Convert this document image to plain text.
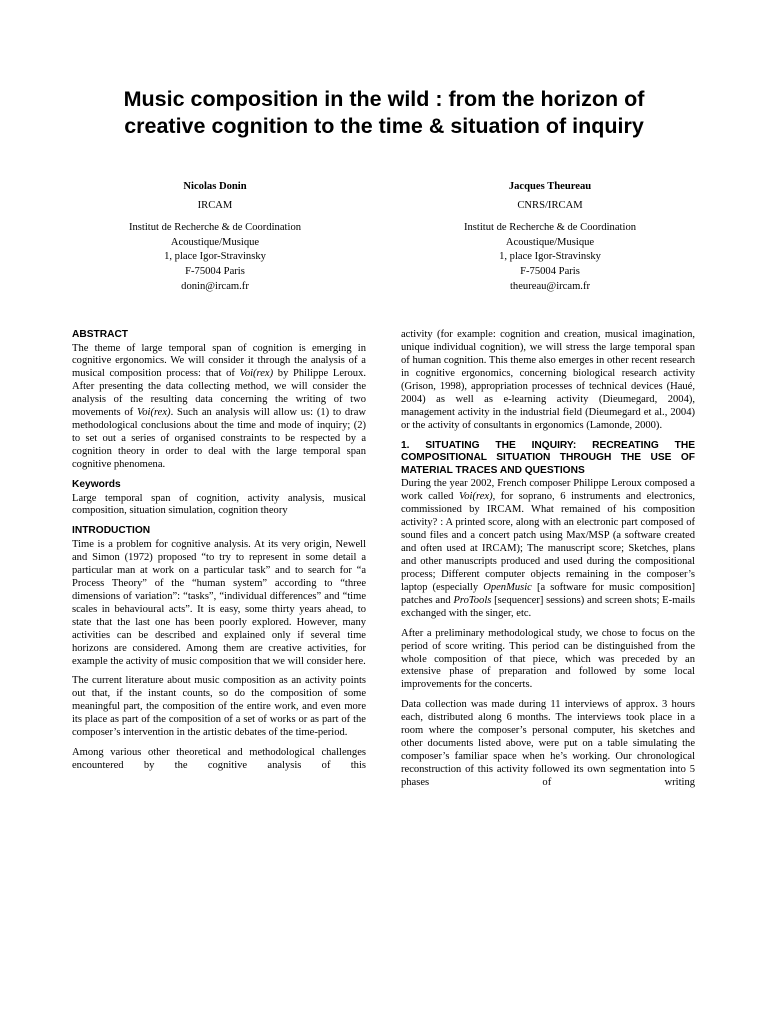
Music composition in the wild : from the horizon of
creative cognition to the time & situation of inquiry
Nicolas Donin
IRCAM
Institut de Recherche & de Coordination
Acoustique/Musique
1, place Igor-Stravinsky
F-75004 Paris
donin@ircam.fr
Jacques Theureau
CNRS/IRCAM
Institut de Recherche & de Coordination
Acoustique/Musique
1, place Igor-Stravinsky
F-75004 Paris
theureau@ircam.fr
ABSTRACT

The theme of large temporal span of cognition is emerging in cognitive ergonomics. We will consider it through the analysis of a musical composition process: that of Voi(rex) by Philippe Leroux. After presenting the data collecting method, we will consider the analysis of the resulting data concerning the writing of two movements of Voi(rex). Such an analysis will allow us: (1) to draw methodological conclusions about the time and mode of inquiry; (2) to set out a series of organised constraints to be respected by a cognition theory in order to deal with the large temporal span cognitive phenomena.

Keywords

Large temporal span of cognition, activity analysis, musical composition, situation simulation, cognition theory

INTRODUCTION

Time is a problem for cognitive analysis. At its very origin, Newell and Simon (1972) proposed “to try to represent in some detail a particular man at work on a particular task” and to search for “a Process Theory” of the “human system” according to “three dimensions of variation”: “tasks”, “individual differences” and “time scales in behavioural acts”. It is easy, some thirty years ahead, to state that the last one has been poorly explored. However, many activities can be described and explained only if several time horizons are considered. Among them are creative activities, for example the activity of music composition that we will consider here.

The current literature about music composition as an activity points out that, if the instant counts, so do the composition of some meaningful part, the composition of the entire work, and even more its place as part of the composition of a set of works or as part of the composer’s intervention in the artistic debates of the time-period.

Among various other theoretical and methodological challenges encountered by the cognitive analysis of this

activity (for example: cognition and creation, musical imagination, unique individual cognition), we will stress the large temporal span of human cognition. This theme also emerges in other recent research in cognitive ergonomics, concerning biological research activity (Grison, 1998), appropriation processes of technical devices (Haué, 2004) as well as e-learning activity (Dieumegard, 2004), management activity in the industrial field (Dieumegard et al., 2004) or the activity of consultants in ergonomics (Lamonde, 2000).

1. SITUATING THE INQUIRY: RECREATING THE COMPOSITIONAL SITUATION THROUGH THE USE OF MATERIAL TRACES AND QUESTIONS

During the year 2002, French composer Philippe Leroux composed a work called Voi(rex), for soprano, 6 instruments and electronics, commissioned by IRCAM. What remained of his composition activity? : A printed score, along with an electronic part composed of sound files and a concert patch using Max/MSP (a software created and often used at IRCAM); The manuscript score; Sketches, plans and other manuscripts produced and used during the compositional process; Different computer objects remaining in the composer’s laptop (especially OpenMusic [a software for music composition] patches and ProTools [sequencer] sessions) and screen shots; E-mails exchanged with the singer, etc.

After a preliminary methodological study, we chose to focus on the period of score writing. This period can be distinguished from the whole composition of that piece, which was preceded by an extensive phase of preparation and followed by some local improvements for the concerts.

Data collection was made during 11 interviews of approx. 3 hours each, distributed along 6 months. The interviews took place in a room where the composer’s personal computer, his sketches and other documents listed above, were put on a table simulating the composer’s familiar space when he’s working. Our chronological reconstruction of this activity followed its own segmentation into 5 phases of writing
